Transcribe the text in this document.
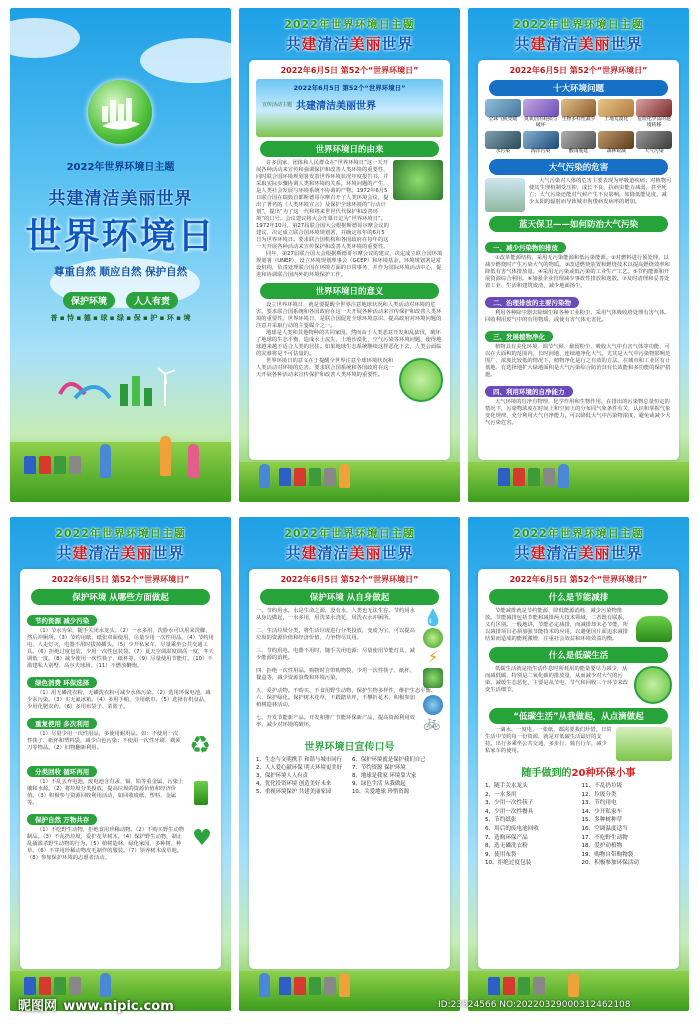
2022年世界环境日主题
共建清洁美丽世界
世界环境日
尊重自然 顺应自然 保护自然
保护环境	人人有责
普 ▪ 恃 ▪ 德 ▪ 球 ▪ 绿 ▪ 保 ▪ 护 ▪ 环 ▪ 境
2022年世界环境日主题
共建清洁美丽世界
2022年6月5日 第52个“世界环境日”
2022年6月5日 第52个“世界环境日”
宣传活动主题 共建清洁美丽世界
世界环境日的由来

许多国家、团体和人民群众在“世界环境日”这一天开展各种活动来宣传和强调保护和改善人类环境的重要性，同时联合国环境规划署发表世界环境状况年度报告书，并采取实际步骤协调人类和环境的关系。环境问题的产生，是人类社会发展与环境系统不协调的产物。1972年6月5日联合国在瑞典首都斯德哥尔摩召开了人类环境会议，提出了著名的《人类环境宣言》及保护全球环境的“行动计划”，提出“为了这一代和将来世世代代保护和改善环境”的口号。会议建议将大会开幕日定为“世界环境日”。1972年10月，第27届联合国大会根据斯德哥尔摩会议的建议，决定成立联合国环境规划署，并确定每年的6月5日为世界环境日。要求联合国机构和各国政府在每年的这一天开展各种活动来宣传保护和改善人类环境的重要性。

同年，第27届联合国大会根据斯德哥尔摩会议的建议，决定成立联合国环境规划署（UNEP），设立环境规划理事会（GCEP）和环境基金。环境规划署是常设机构，负责处理联合国在环境方面的日常事务，并作为国际环境活动中心，促进和协调联合国内外的环境保护工作。

世界环境日的意义

设立世界环境日，就是要提醒全世界注意地球状况和人类活动对环境的危害。要求联合国系统和各国政府在这一天开展各种活动来宣传保护和改善人类环境的重要性。世界环境日，是联合国促进全球环境意识、提高政府对环境问题的注意并采取行动的主要媒介之一。

地球是人类和其他物种的共同家园。然而由于人类恶意开发和乱砍伐，破坏了地球的生态平衡，造成水土流失，土地沙漠化，空气污染等环境问题，使得地球越来越不适合人类的居住。如果地球生态系统继续这样恶化下去，人类会面临的灾难将是不可估量的。

世界环境日的意义在于提醒全世界注意全球环境状况和人类活动对环境的危害。要求联合国系统和各国政府在这一天开展各种活动来宣传保护和改善人类环境的重要性。

2022年世界环境日主题
共建清洁美丽世界
2022年6月5日 第52个“世界环境日”
十大环境问题
全球气候变暖	臭氧层的耗损与破坏
生物多样性减少	土地荒漠化	危险化学品的越境转移
水污染	海洋污染	酸雨蔓延	森林锐减	大气污染
大气污染的危害

大气污染对人体的危害主要表现为呼吸道疾病；对植物可使其生理机制受压抑，成长不良，抗病虫能力减弱，甚至死亡；大气污染还能对气候产生不良影响，如降低能见度，减少太阳的辐射而导致城市佝偻病发病率的增加。

蓝天保卫——如何防治大气污染
一、减少污染物的排放

①改革能源结构，采用无污染能源和低污染能源。②对燃料进行预处理，以减少燃烧时产生污染大气的物质。③改进燃烧装置和燃烧技术以提高燃烧效率和降低有害气体排放量。④采用无污染或低污染的工业生产工艺。⑤节约能源和开展资源综合利用。⑥加强企业管理减少事故性排放和逸散。⑦及时清理和妥善处置工业、生活和建筑废渣，减少地面扬尘。

二、治理排放的主要污染物

利用各种除尘器去除烟尘和各种工业粉尘。采用气体吸收塔处理有害气体。回收利用废气中的有用物质，或使有害气体无害化。

三、发展植物净化

植物具有美化环境、调节气候、截留粉尘、吸收大气中有害气体等功能，可以在大面积的范围内，长时间地、连续地净化大气。尤其是大气中污染物影响范围广、浓度比较低的情况下，植物净化是行之有效的方法。在城市和工业区有计划地、有选择地扩大绿地面积是大气污染综合防治具有长效能和多功能的保护措施。

四、利用环境的自净能力

大气环境的自净有物理、化学作用和生物作用。在排出的污染物总量恒定的情况下，污染物浓度在时间上和空间上的分布同气象条件有关，认识和掌握气象变化规律，充分利用大气自净能力，可以降低大气中污染物浓度，避免或减少大气污染危害。

2022年世界环境日主题
共建清洁美丽世界
2022年6月5日 第52个“世界环境日”
保护环境 从哪些方面做起
节约资源 减少污染

（1）节水为荣，随手关闭水龙头。（2）一水多用，洗脸水可以用来洗脚，然后冲厕所。（3）节约用纸，纸张双面使用，尽量少用一次性用品。（4）节约用电，人走灯灭，电器不用时拔掉插头。（5）少开私家车，尽量乘坐公共交通工具。（6）拒绝过度包装，少用一次性包装袋。（7）夏天空调温度调高一度，冬天调低一度。（8）减少使用一次性筷子、纸杯等。（9）尽量使用节能灯。（10）不滥建私人别墅、高尔夫球场。（11）不燃放鞭炮。

绿色消费 环保选择

（1）用无磷洗衣粉，无磷洗衣粉可减少水体污染。（2）选用环保电池，减少汞污染。（3）买无氟冰箱。（4）多用手帕，少用纸巾。（5）选择有机食品，少用化肥农药。（6）多用布袋子、菜篮子。

重复使用 多次利用

（1）尽量少用一次性用品，多使用耐用品。如：不使用一次性筷子、纸杯和塑料袋，减少白色污染；不使用一次性牙刷、剃须刀等物品。（2）旧物翻新利用。	♻
分类回收 循环再用

（1）不乱丢弃电池，废电池含有汞、镉、铅等重金属，污染土壤和水源。（2）将垃圾分类投放，提高垃圾的资源价值和经济价值。（3）积极参与资源回收利用活动，如回收废纸、塑料、金属等。

保护自然 万物共存

（1）不吃野生动物，拒绝食用珍稀动物。（2）不购买野生动物制品。（3）不乱扔垃圾，爱护花草树木。（4）保护野生动物，制止乱捕滥杀野生动物的行为。（5）植树造林，绿化家园，多种树、种草。（6）不穿用珍稀动物皮毛制作的服装。（7）领养树木或草地。（8）参加保护环境的志愿者活动。

♥
2022年世界环境日主题
共建清洁美丽世界
2022年6月5日 第52个“世界环境日”
保护环境 从自身做起

一、节约用水。水是生命之源，没有水，人类也无法生存。节约用水从身边做起，一水多用，用洗菜水浇花，用洗衣水冲厕所。	💧

二、生活垃圾分类。将生活垃圾进行分类投放，变废为宝，可以提高垃圾的资源价值和经济价值，力争物尽其用。

三、节约用电。电器不用时，随手关闭电源；尽量使用节能灯具，减少能源的消耗。	⚡

四、拒绝一次性用品。购物时自带购物袋，少用一次性筷子、纸杯、餐盒等，减少资源浪费和环境污染。

五、爱护动物。不购买、不食用野生动物，保护生物多样性，维护生态平衡。

六、保护绿化。保护树木花草，不践踏草坪，不攀折花木，积极参加植树造林活动。

七、开发节能新产品。开发和推广节能环保新产品，提高资源利用效率，减少对环境的破坏。	🚲
世界环境日宣传口号
1、生态与文明携手 和谐与城市同行
2、人人爱心献环保 明天环境更美好
3、保护环境人人有责
4、优化投资环境 创造美好未来
5、重视环境保护 共建美丽家园
6、保护环境就是保护我们自己
7、节约资源 保护环境
8、地球是我家 环境靠大家
9、绿色生活 从我做起
10、关爱地球 珍惜资源
2022年世界环境日主题
共建清洁美丽世界
2022年6月5日 第52个“世界环境日”
什么是节能减排

节能减排就是节约能源、降低能源消耗、减少污染物排放。节能减排包括节能和减排两大技术领域，二者既有联系，又有区别。一般地讲，节能必定减排，而减排却未必节能，所以减排项目必须加强节能技术的应用，以避免因片面追求减排结果而造成的能耗激增，注重社会效益和环境效益均衡。

什么是低碳生活

低碳生活就是指生活作息时所耗用的能量要尽力减少，从而减低碳，特别是二氧化碳的排放量，从而减少对大气的污染，减缓生态恶化，主要是从节电、节气和回收三个环节来改变生活细节。

“低碳生活”从我做起，从点滴做起

一滴水、一度电、一张纸，都需要我们珍惜。日常生活中节约每一份资源，就是对低碳生活最好的支持。出行多乘坐公共交通，多步行、骑自行车，减少私家车的使用。

随手做到的20种环保小事
1、随手关水龙头
2、一水多用
3、少用一次性筷子
4、少用一次性餐具
5、节约纸张
6、用后的废电池回收
7、选购环保产品
8、选无磷洗衣粉
9、使用布袋
10、拒绝过度包装
11、不乱扔垃圾
12、垃圾分类
13、节约用电
14、少开私家车
15、多种树种草
16、空调温度适当
17、不吃野生动物
18、爱护动植物
19、购物自带购物袋
20、积极参加环保活动
昵图网 www.nipic.com	ID:23324566 NO:20220329000312462108
